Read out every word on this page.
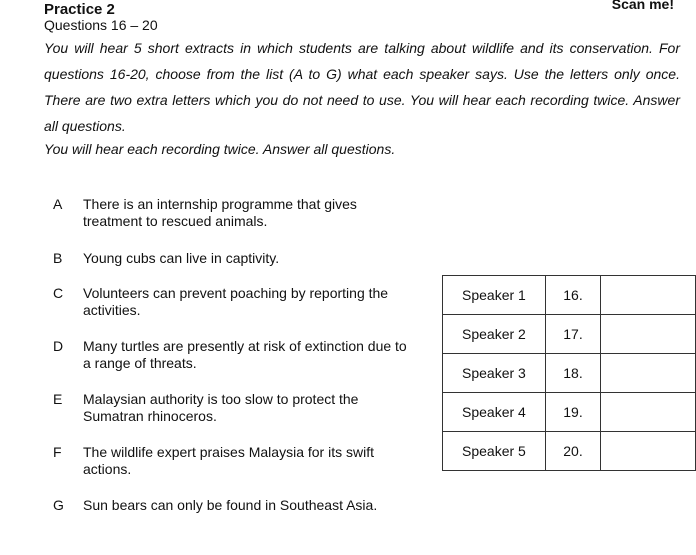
Practice 2	Scan me!
Questions 16 – 20

You will hear 5 short extracts in which students are talking about wildlife and its conservation. For questions 16-20, choose from the list (A to G) what each speaker says. Use the letters only once. There are two extra letters which you do not need to use. You will hear each recording twice. Answer all questions.

You will hear each recording twice. Answer all questions.

A There is an internship programme that gives treatment to rescued animals.
B Young cubs can live in captivity.
C Volunteers can prevent poaching by reporting the activities.
D Many turtles are presently at risk of extinction due to a range of threats.
E Malaysian authority is too slow to protect the Sumatran rhinoceros.
F The wildlife expert praises Malaysia for its swift actions.
G Sun bears can only be found in Southeast Asia.
Speaker 1	16.	
Speaker 2	17.	
Speaker 3	18.	
Speaker 4	19.	
Speaker 5	20.	
